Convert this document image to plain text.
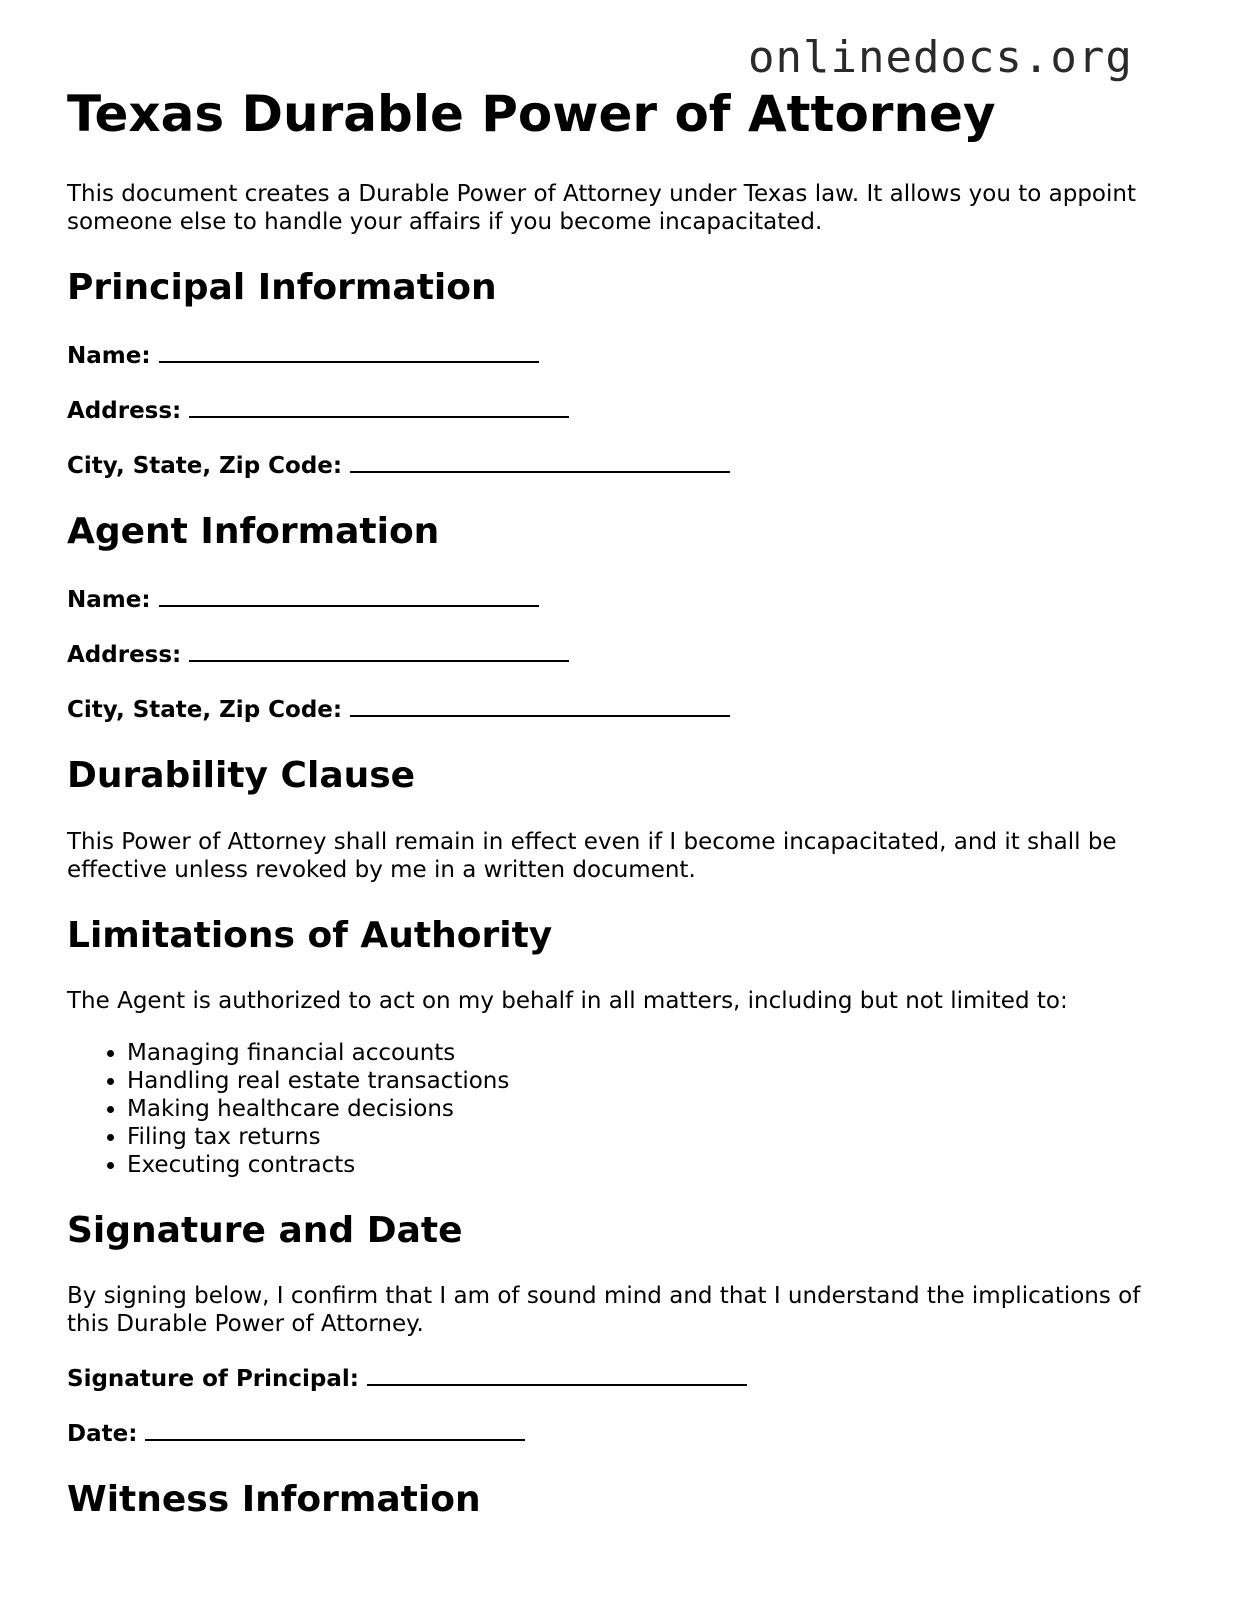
onlinedocs.org
Texas Durable Power of Attorney

This document creates a Durable Power of Attorney under Texas law. It allows you to appoint someone else to handle your affairs if you become incapacitated.

Principal Information
Name:
Address:
City, State, Zip Code:
Agent Information
Name:
Address:
City, State, Zip Code:
Durability Clause

This Power of Attorney shall remain in effect even if I become incapacitated, and it shall be effective unless revoked by me in a written document.

Limitations of Authority

The Agent is authorized to act on my behalf in all matters, including but not limited to:

• Managing financial accounts
• Handling real estate transactions
• Making healthcare decisions
• Filing tax returns
• Executing contracts
Signature and Date

By signing below, I confirm that I am of sound mind and that I understand the implications of this Durable Power of Attorney.

Signature of Principal:
Date:
Witness Information
